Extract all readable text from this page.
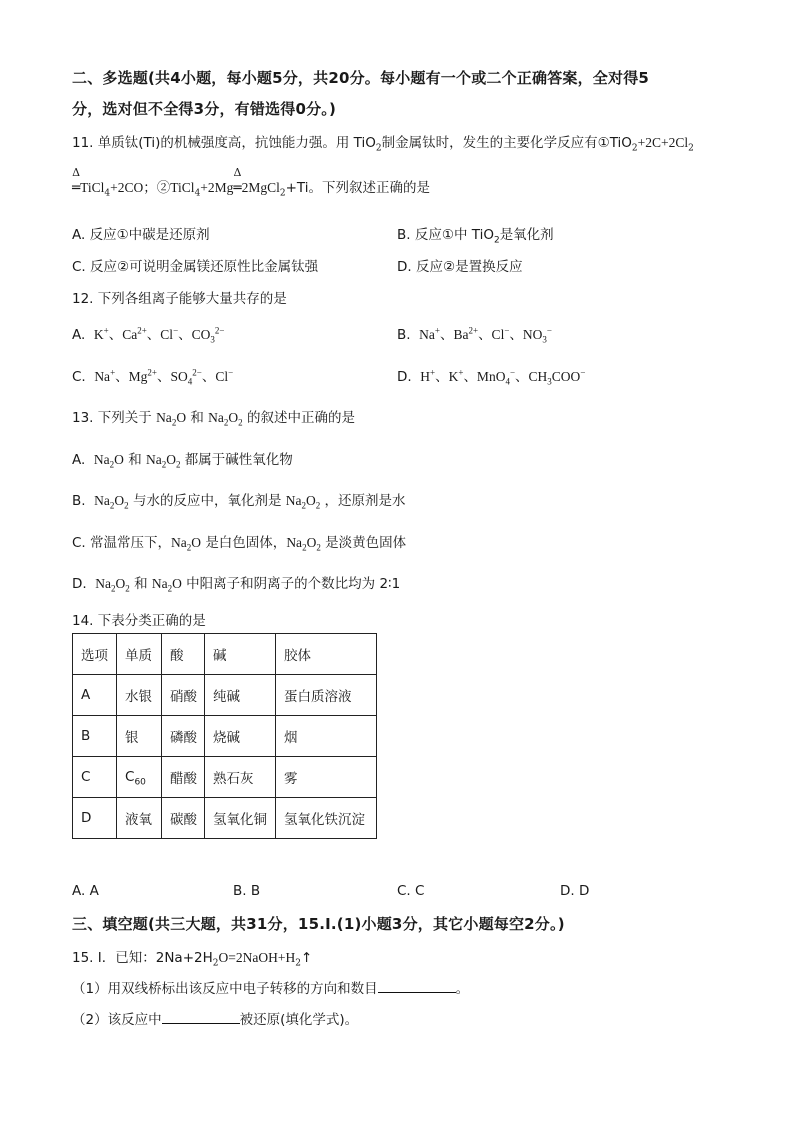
二、多选题(共4小题，每小题5分，共20分。每小题有一个或二个正确答案，全对得5
分，选对但不全得3分，有错选得0分。)
11. 单质钛(Ti)的机械强度高，抗蚀能力强。用 TiO$_2$制金属钛时，发生的主要化学反应有$①TiO_2+2C+2Cl_2$
Δ
═TiCl$_4$+2CO；②TiCl$_4$+2Mg
Δ
═2MgCl$_2$+Ti。下列叙述正确的是
A. 反应①中碳是还原剂	B. 反应①中 TiO$_2$是氧化剂
C. 反应②可说明金属镁还原性比金属钛强	D. 反应②是置换反应
12. 下列各组离子能够大量共存的是
A. K+、$Ca^{2+}$、Cl−、$CO_3^{2-}$	B. Na+、$Ba^{2+}$、Cl−、$NO_3^-$
C. Na+、$Mg^{2+}$、$SO_4^{2-}$、Cl−	D. H+、K+、MnO$_4$−、$CH_3COO^-$
13. 下列关于 $Na_2O$ 和 $Na_2O_2$ 的叙述中正确的是
A. $Na_2O$ 和 $Na_2O_2$ 都属于碱性氧化物
B. $Na_2O_2$ 与水的反应中，氧化剂是 $Na_2O_2$ ，还原剂是水
C. 常温常压下，$Na_2O$ 是白色固体，$Na_2O_2$ 是淡黄色固体
D. $Na_2O_2$ 和 $Na_2O$ 中阳离子和阴离子的个数比均为 2∶1
14. 下表分类正确的是
选项	单质	酸	碱	胶体
A	水银	硝酸	纯碱	蛋白质溶液
B	银	磷酸	烧碱	烟
C	$C_{60}$	醋酸	熟石灰	雾
D	液氧	碳酸	氢氧化铜	氢氧化铁沉淀
A. A	B. B	C. C	D. D
三、填空题(共三大题，共31分，15.I.(1)小题3分，其它小题每空2分。)
15. I．已知：$2Na+2H_2O=2NaOH+H_2↑$
（1）用双线桥标出该反应中电子转移的方向和数目	。
（2）该反应中	被还原(填化学式)。
